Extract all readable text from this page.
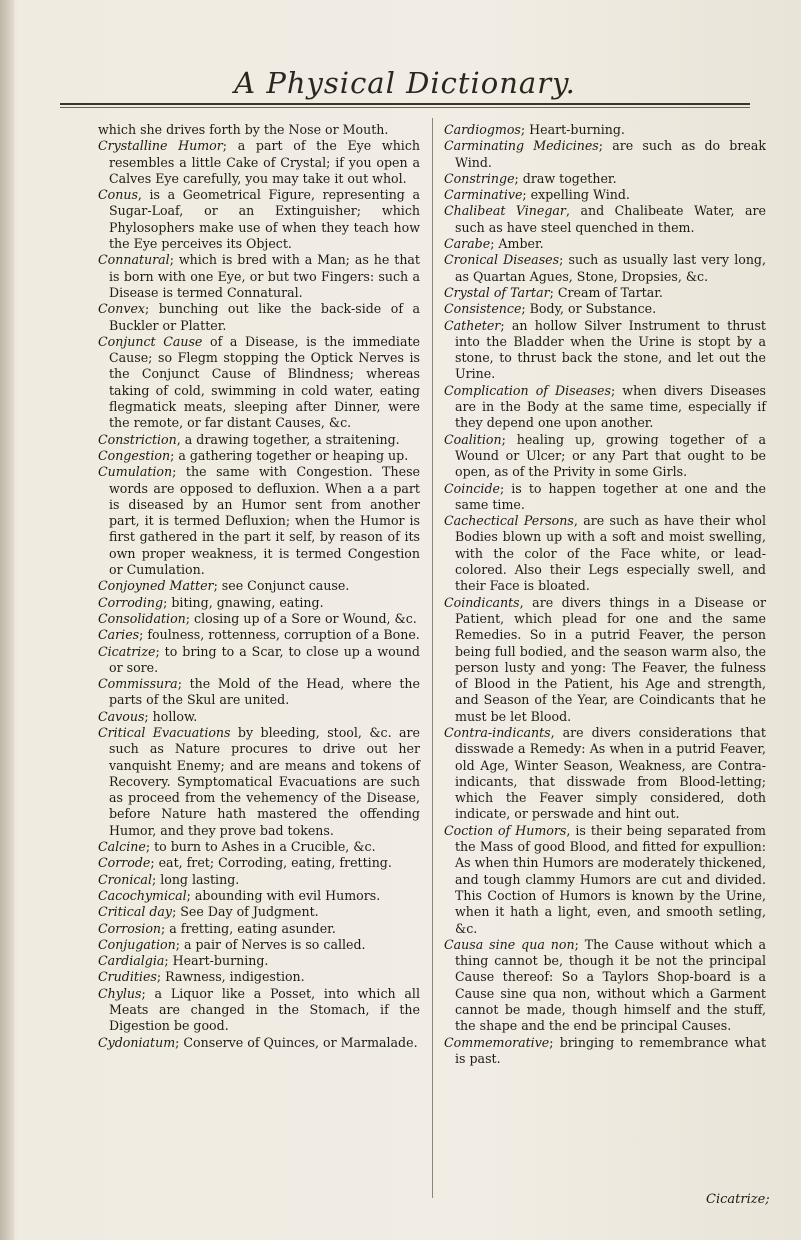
A Physical Dictionary.

which she drives forth by the Nose or Mouth.

Crystalline Humor; a part of the Eye which resembles a little Cake of Crystal; if you open a Calves Eye carefully, you may take it out whol.

Conus, is a Geometrical Figure, representing a Sugar-Loaf, or an Extinguisher; which Phylosophers make use of when they teach how the Eye perceives its Object.

Connatural; which is bred with a Man; as he that is born with one Eye, or but two Fingers: such a Disease is termed Connatural.

Convex; bunching out like the back-side of a Buckler or Platter.

Conjunct Cause of a Disease, is the immediate Cause; so Flegm stopping the Optick Nerves is the Conjunct Cause of Blindness; whereas taking of cold, swimming in cold water, eating flegmatick meats, sleeping after Dinner, were the remote, or far distant Causes, &c.

Constriction, a drawing together, a straitening.

Congestion; a gathering together or heaping up.

Cumulation; the same with Congestion. These words are opposed to defluxion. When a a part is diseased by an Humor sent from another part, it is termed Defluxion; when the Humor is first gathered in the part it self, by reason of its own proper weakness, it is termed Congestion or Cumulation.

Conjoyned Matter; see Conjunct cause.

Corroding; biting, gnawing, eating.

Consolidation; closing up of a Sore or Wound, &c.

Caries; foulness, rottenness, corruption of a Bone.

Cicatrize; to bring to a Scar, to close up a wound or sore.

Commissura; the Mold of the Head, where the parts of the Skul are united.

Cavous; hollow.

Critical Evacuations by bleeding, stool, &c. are such as Nature procures to drive out her vanquisht Enemy; and are means and tokens of Recovery. Symptomatical Evacuations are such as proceed from the vehemency of the Disease, before Nature hath mastered the offending Humor, and they prove bad tokens.

Calcine; to burn to Ashes in a Crucible, &c.

Corrode; eat, fret; Corroding, eating, fretting.

Cronical; long lasting.

Cacochymical; abounding with evil Humors.

Critical day; See Day of Judgment.

Corrosion; a fretting, eating asunder.

Conjugation; a pair of Nerves is so called.

Cardialgia; Heart-burning.

Crudities; Rawness, indigestion.

Chylus; a Liquor like a Posset, into which all Meats are changed in the Stomach, if the Digestion be good.

Cydoniatum; Conserve of Quinces, or Marmalade.

Cardiogmos; Heart-burning.

Carminating Medicines; are such as do break Wind.

Constringe; draw together.

Carminative; expelling Wind.

Chalibeat Vinegar, and Chalibeate Water, are such as have steel quenched in them.

Carabe; Amber.

Cronical Diseases; such as usually last very long, as Quartan Agues, Stone, Dropsies, &c.

Crystal of Tartar; Cream of Tartar.

Consistence; Body, or Substance.

Catheter; an hollow Silver Instrument to thrust into the Bladder when the Urine is stopt by a stone, to thrust back the stone, and let out the Urine.

Complication of Diseases; when divers Diseases are in the Body at the same time, especially if they depend one upon another.

Coalition; healing up, growing together of a Wound or Ulcer; or any Part that ought to be open, as of the Privity in some Girls.

Coincide; is to happen together at one and the same time.

Cachectical Persons, are such as have their whol Bodies blown up with a soft and moist swelling, with the color of the Face white, or lead-colored. Also their Legs especially swell, and their Face is bloated.

Coindicants, are divers things in a Disease or Patient, which plead for one and the same Remedies. So in a putrid Feaver, the person being full bodied, and the season warm also, the person lusty and yong: The Feaver, the fulness of Blood in the Patient, his Age and strength, and Season of the Year, are Coindicants that he must be let Blood.

Contra-indicants, are divers considerations that disswade a Remedy: As when in a putrid Feaver, old Age, Winter Season, Weakness, are Contra-indicants, that disswade from Blood-letting; which the Feaver simply considered, doth indicate, or perswade and hint out.

Coction of Humors, is their being separated from the Mass of good Blood, and fitted for expullion: As when thin Humors are moderately thickened, and tough clammy Humors are cut and divided. This Coction of Humors is known by the Urine, when it hath a light, even, and smooth setling, &c.

Causa sine qua non; The Cause without which a thing cannot be, though it be not the principal Cause thereof: So a Taylors Shop-board is a Cause sine qua non, without which a Garment cannot be made, though himself and the stuff, the shape and the end be principal Causes.

Commemorative; bringing to remembrance what is past.

Cicatrize;
